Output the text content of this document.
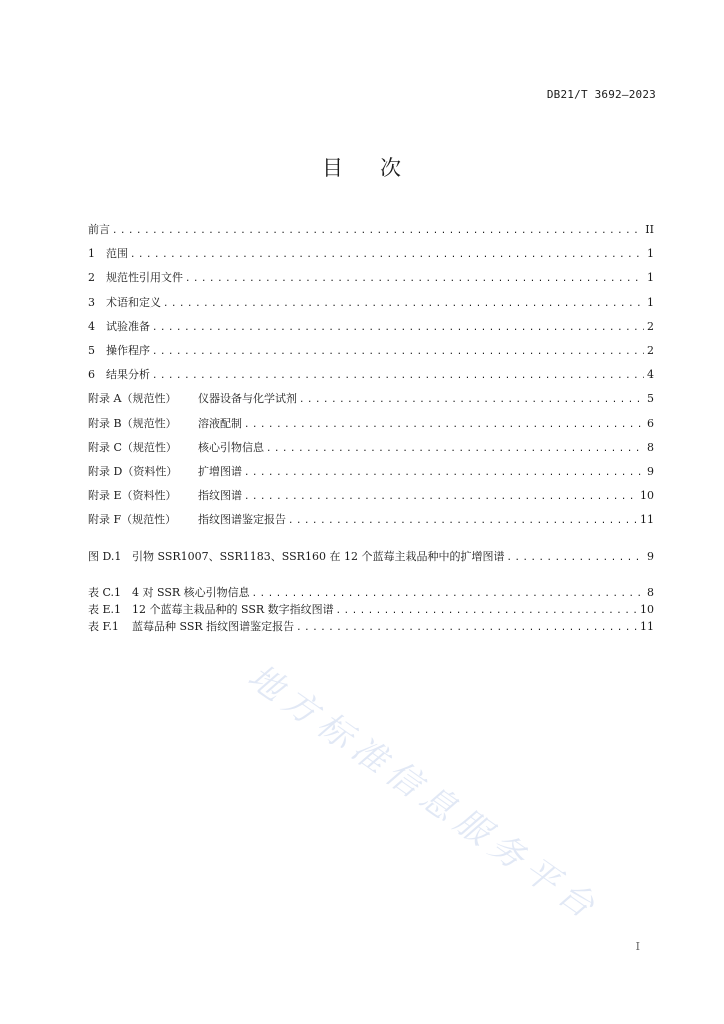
DB21/T 3692—2023
目 次
前言 .....	II
1	范围 .....	1
2	规范性引用文件 .....	1
3	术语和定义 .....	1
4	试验准备 .....	2
5	操作程序 .....	2
6	结果分析 .....	4
附录 A（规范性）	仪器设备与化学试剂 .....	5
附录 B（规范性）	溶液配制 .....	6
附录 C（规范性）	核心引物信息 .....	8
附录 D（资料性）	扩增图谱 .....	9
附录 E（资料性）	指纹图谱 .....	10
附录 F（规范性）	指纹图谱鉴定报告 .....	11
图 D.1 引物 SSR1007、SSR1183、SSR160 在 12 个蓝莓主栽品种中的扩增图谱 .....	9
表 C.1 4 对 SSR 核心引物信息 .....	8
表 E.1 12 个蓝莓主栽品种的 SSR 数字指纹图谱 .....	10
表 F.1	蓝莓品种 SSR 指纹图谱鉴定报告 .....	11
地方标准信息服务平台
I
